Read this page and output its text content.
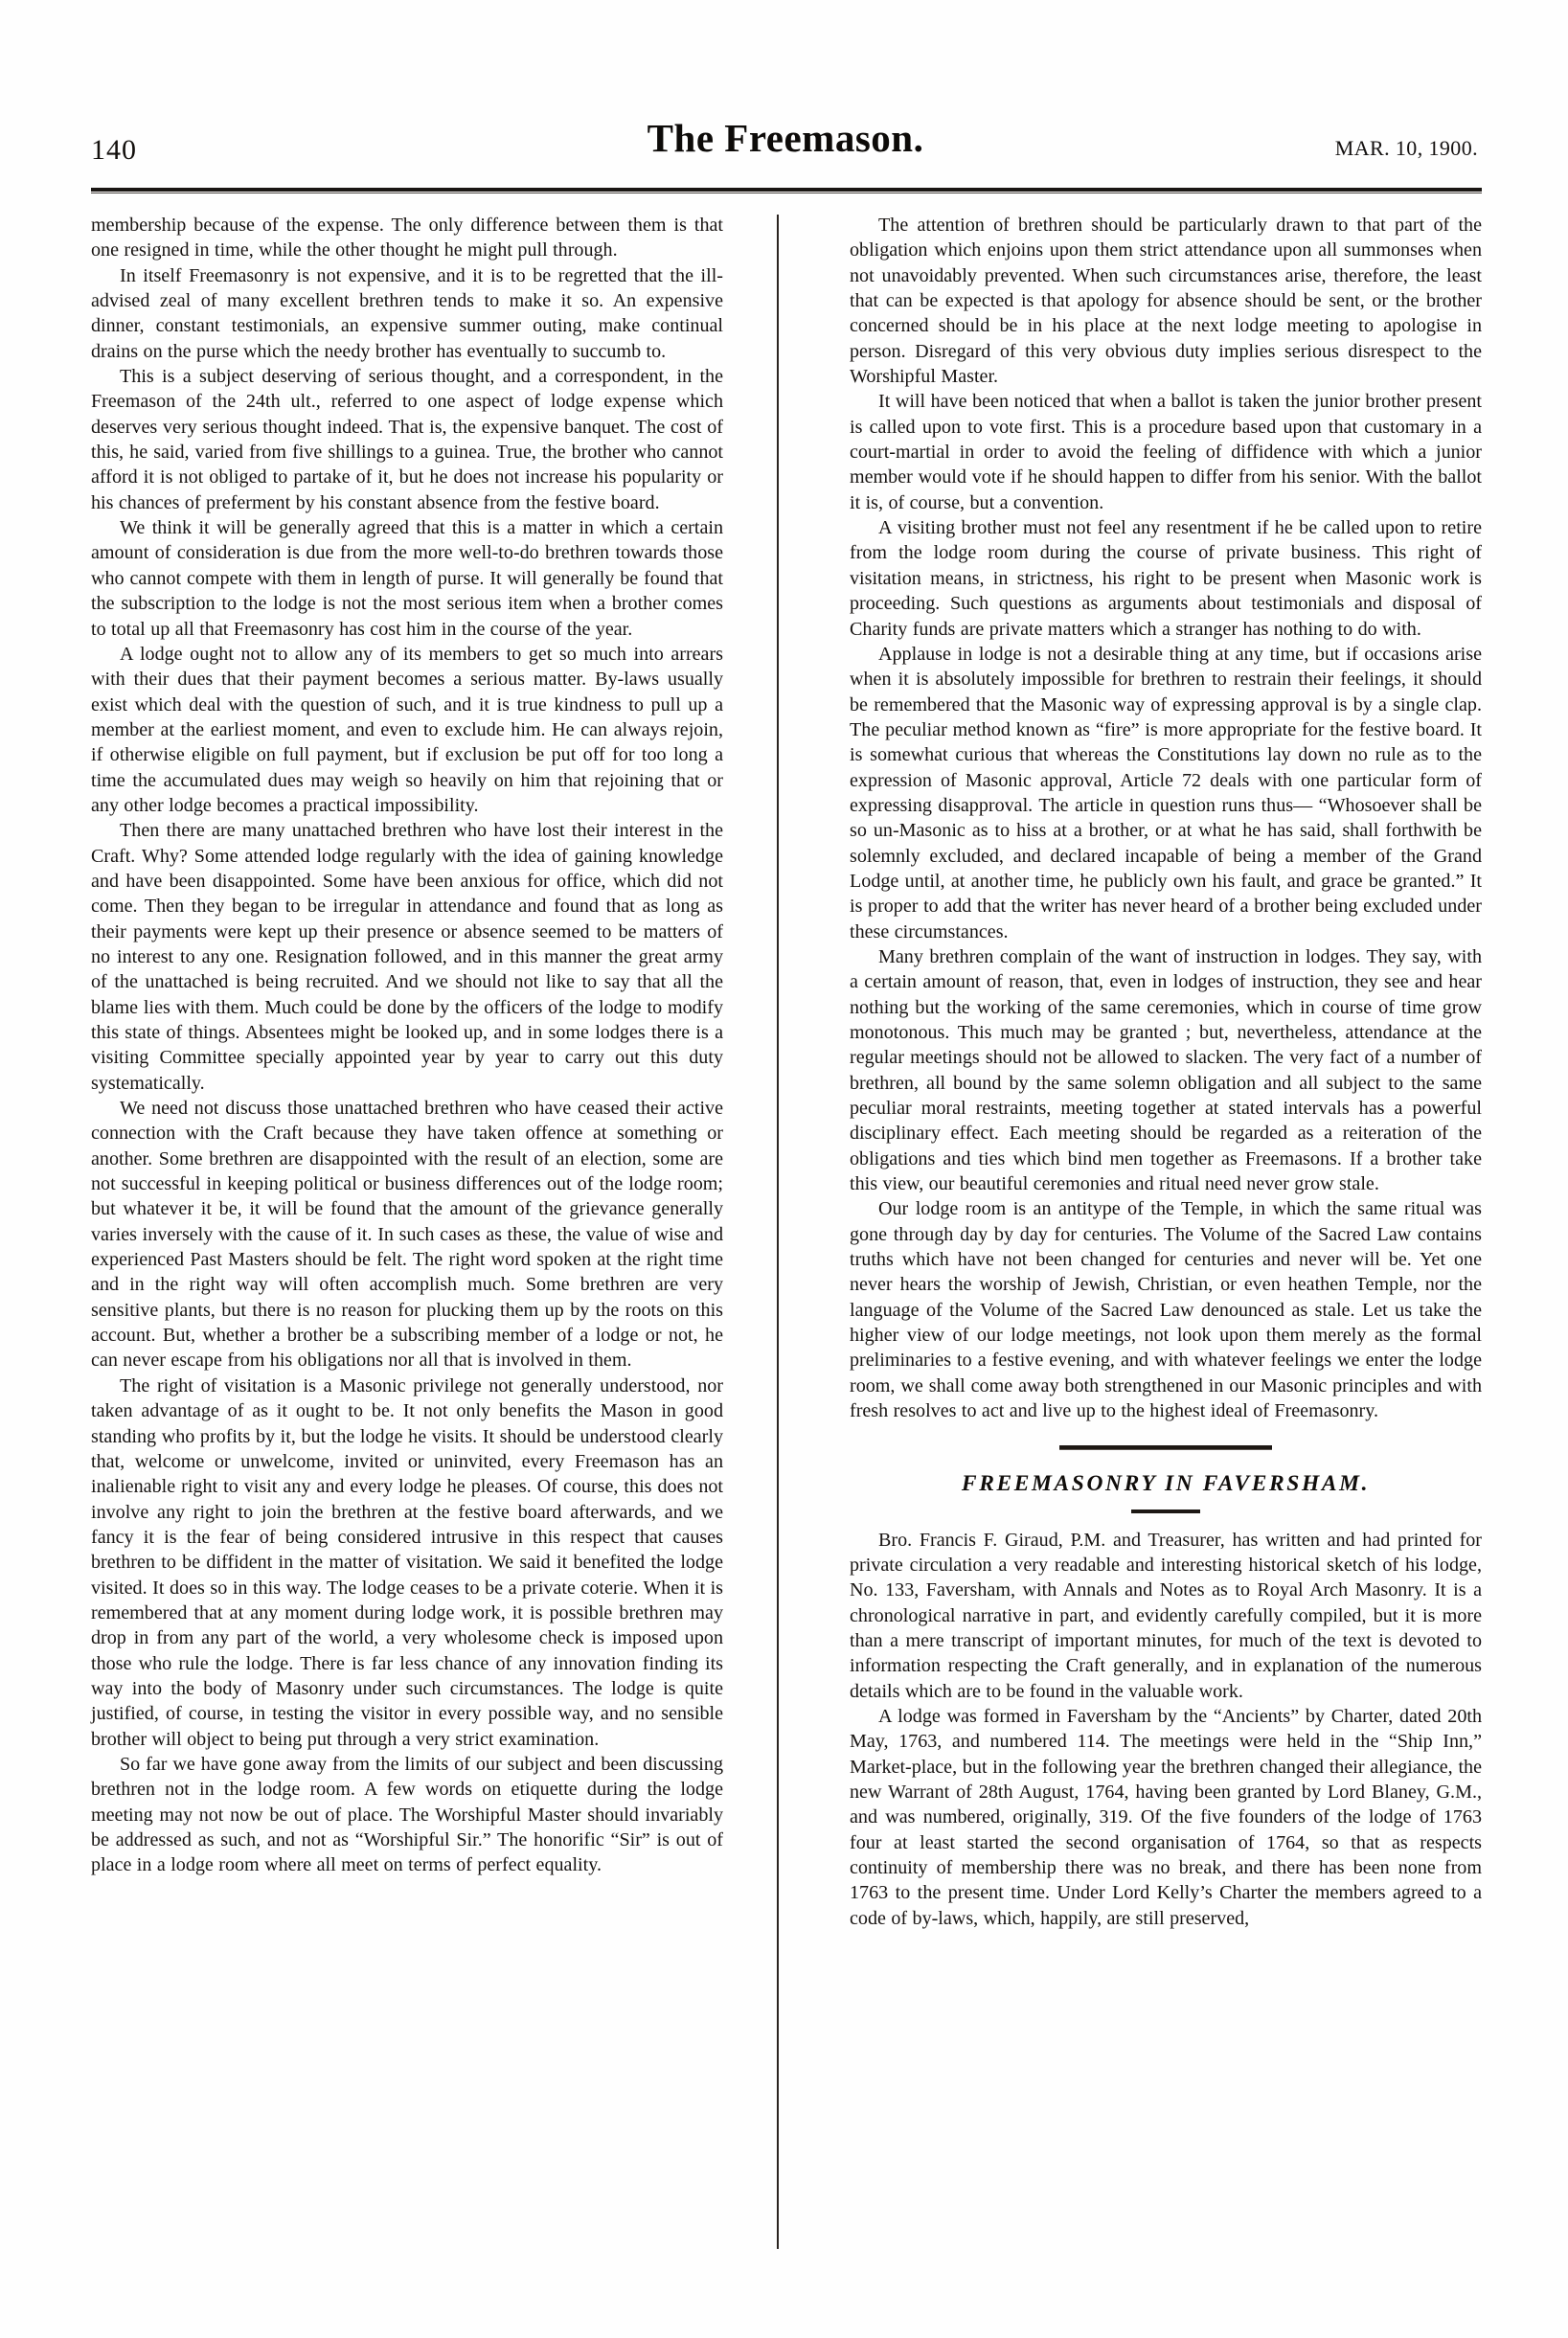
140	The Freemason.	MAR. 10, 1900.

membership because of the expense. The only difference between them is that one resigned in time, while the other thought he might pull through.

In itself Freemasonry is not expensive, and it is to be regretted that the ill-advised zeal of many excellent brethren tends to make it so. An expensive dinner, constant testimonials, an expensive summer outing, make continual drains on the purse which the needy brother has eventually to succumb to.

This is a subject deserving of serious thought, and a correspondent, in the Freemason of the 24th ult., referred to one aspect of lodge expense which deserves very serious thought indeed. That is, the expensive banquet. The cost of this, he said, varied from five shillings to a guinea. True, the brother who cannot afford it is not obliged to partake of it, but he does not increase his popularity or his chances of preferment by his constant absence from the festive board.

We think it will be generally agreed that this is a matter in which a certain amount of consideration is due from the more well-to-do brethren towards those who cannot compete with them in length of purse. It will generally be found that the subscription to the lodge is not the most serious item when a brother comes to total up all that Freemasonry has cost him in the course of the year.

A lodge ought not to allow any of its members to get so much into arrears with their dues that their payment becomes a serious matter. By-laws usually exist which deal with the question of such, and it is true kindness to pull up a member at the earliest moment, and even to exclude him. He can always rejoin, if otherwise eligible on full payment, but if exclusion be put off for too long a time the accumulated dues may weigh so heavily on him that rejoining that or any other lodge becomes a practical impossibility.

Then there are many unattached brethren who have lost their interest in the Craft. Why? Some attended lodge regularly with the idea of gaining knowledge and have been disappointed. Some have been anxious for office, which did not come. Then they began to be irregular in attendance and found that as long as their payments were kept up their presence or absence seemed to be matters of no interest to any one. Resignation followed, and in this manner the great army of the unattached is being recruited. And we should not like to say that all the blame lies with them. Much could be done by the officers of the lodge to modify this state of things. Absentees might be looked up, and in some lodges there is a visiting Committee specially appointed year by year to carry out this duty systematically.

We need not discuss those unattached brethren who have ceased their active connection with the Craft because they have taken offence at something or another. Some brethren are disappointed with the result of an election, some are not successful in keeping political or business differences out of the lodge room; but whatever it be, it will be found that the amount of the grievance generally varies inversely with the cause of it. In such cases as these, the value of wise and experienced Past Masters should be felt. The right word spoken at the right time and in the right way will often accomplish much. Some brethren are very sensitive plants, but there is no reason for plucking them up by the roots on this account. But, whether a brother be a subscribing member of a lodge or not, he can never escape from his obligations nor all that is involved in them.

The right of visitation is a Masonic privilege not generally understood, nor taken advantage of as it ought to be. It not only benefits the Mason in good standing who profits by it, but the lodge he visits. It should be understood clearly that, welcome or unwelcome, invited or uninvited, every Freemason has an inalienable right to visit any and every lodge he pleases. Of course, this does not involve any right to join the brethren at the festive board afterwards, and we fancy it is the fear of being considered intrusive in this respect that causes brethren to be diffident in the matter of visitation. We said it benefited the lodge visited. It does so in this way. The lodge ceases to be a private coterie. When it is remembered that at any moment during lodge work, it is possible brethren may drop in from any part of the world, a very wholesome check is imposed upon those who rule the lodge. There is far less chance of any innovation finding its way into the body of Masonry under such circumstances. The lodge is quite justified, of course, in testing the visitor in every possible way, and no sensible brother will object to being put through a very strict examination.

So far we have gone away from the limits of our subject and been discussing brethren not in the lodge room. A few words on etiquette during the lodge meeting may not now be out of place. The Worshipful Master should invariably be addressed as such, and not as “Worshipful Sir.” The honorific “Sir” is out of place in a lodge room where all meet on terms of perfect equality.

The attention of brethren should be particularly drawn to that part of the obligation which enjoins upon them strict attendance upon all summonses when not unavoidably prevented. When such circumstances arise, therefore, the least that can be expected is that apology for absence should be sent, or the brother concerned should be in his place at the next lodge meeting to apologise in person. Disregard of this very obvious duty implies serious disrespect to the Worshipful Master.

It will have been noticed that when a ballot is taken the junior brother present is called upon to vote first. This is a procedure based upon that customary in a court-martial in order to avoid the feeling of diffidence with which a junior member would vote if he should happen to differ from his senior. With the ballot it is, of course, but a convention.

A visiting brother must not feel any resentment if he be called upon to retire from the lodge room during the course of private business. This right of visitation means, in strictness, his right to be present when Masonic work is proceeding. Such questions as arguments about testimonials and disposal of Charity funds are private matters which a stranger has nothing to do with.

Applause in lodge is not a desirable thing at any time, but if occasions arise when it is absolutely impossible for brethren to restrain their feelings, it should be remembered that the Masonic way of expressing approval is by a single clap. The peculiar method known as “fire” is more appropriate for the festive board. It is somewhat curious that whereas the Constitutions lay down no rule as to the expression of Masonic approval, Article 72 deals with one particular form of expressing disapproval. The article in question runs thus— “Whosoever shall be so un-Masonic as to hiss at a brother, or at what he has said, shall forthwith be solemnly excluded, and declared incapable of being a member of the Grand Lodge until, at another time, he publicly own his fault, and grace be granted.” It is proper to add that the writer has never heard of a brother being excluded under these circumstances.

Many brethren complain of the want of instruction in lodges. They say, with a certain amount of reason, that, even in lodges of instruction, they see and hear nothing but the working of the same ceremonies, which in course of time grow monotonous. This much may be granted ; but, nevertheless, attendance at the regular meetings should not be allowed to slacken. The very fact of a number of brethren, all bound by the same solemn obligation and all subject to the same peculiar moral restraints, meeting together at stated intervals has a powerful disciplinary effect. Each meeting should be regarded as a reiteration of the obligations and ties which bind men together as Freemasons. If a brother take this view, our beautiful ceremonies and ritual need never grow stale.

Our lodge room is an antitype of the Temple, in which the same ritual was gone through day by day for centuries. The Volume of the Sacred Law contains truths which have not been changed for centuries and never will be. Yet one never hears the worship of Jewish, Christian, or even heathen Temple, nor the language of the Volume of the Sacred Law denounced as stale. Let us take the higher view of our lodge meetings, not look upon them merely as the formal preliminaries to a festive evening, and with whatever feelings we enter the lodge room, we shall come away both strengthened in our Masonic principles and with fresh resolves to act and live up to the highest ideal of Freemasonry.

FREEMASONRY IN FAVERSHAM.

Bro. Francis F. Giraud, P.M. and Treasurer, has written and had printed for private circulation a very readable and interesting historical sketch of his lodge, No. 133, Faversham, with Annals and Notes as to Royal Arch Masonry. It is a chronological narrative in part, and evidently carefully compiled, but it is more than a mere transcript of important minutes, for much of the text is devoted to information respecting the Craft generally, and in explanation of the numerous details which are to be found in the valuable work.

A lodge was formed in Faversham by the “Ancients” by Charter, dated 20th May, 1763, and numbered 114. The meetings were held in the “Ship Inn,” Market-place, but in the following year the brethren changed their allegiance, the new Warrant of 28th August, 1764, having been granted by Lord Blaney, G.M., and was numbered, originally, 319. Of the five founders of the lodge of 1763 four at least started the second organisation of 1764, so that as respects continuity of membership there was no break, and there has been none from 1763 to the present time. Under Lord Kelly’s Charter the members agreed to a code of by-laws, which, happily, are still preserved,
